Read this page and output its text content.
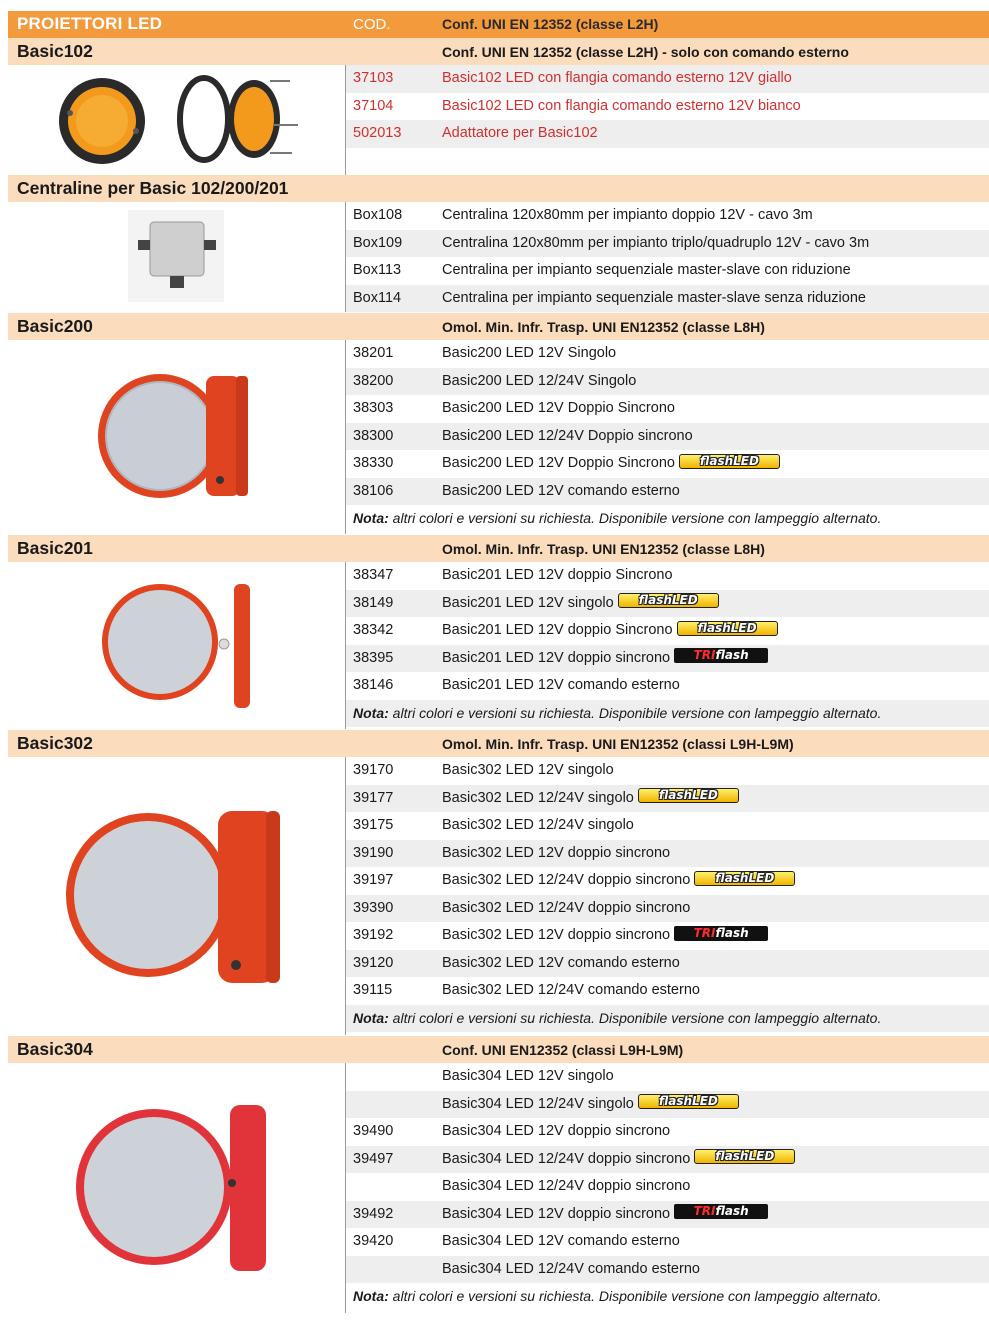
PROIETTORI LED	COD.	Conf. UNI EN 12352 (classe L2H)
Basic102	Conf. UNI EN 12352 (classe L2H) - solo con comando esterno
37103	Basic102 LED con flangia comando esterno 12V giallo
37104	Basic102 LED con flangia comando esterno 12V bianco
502013	Adattatore per Basic102
Centraline per Basic 102/200/201
Box108	Centralina 120x80mm per impianto doppio 12V - cavo 3m
Box109	Centralina 120x80mm per impianto triplo/quadruplo 12V - cavo 3m
Box113	Centralina per impianto sequenziale master-slave con riduzione
Box114	Centralina per impianto sequenziale master-slave senza riduzione
Basic200	Omol. Min. Infr. Trasp. UNI EN12352 (classe L8H)
38201	Basic200 LED 12V Singolo
38200	Basic200 LED 12/24V Singolo
38303	Basic200 LED 12V Doppio Sincrono
38300	Basic200 LED 12/24V Doppio sincrono
38330	Basic200 LED 12V Doppio Sincrono flashLED
38106	Basic200 LED 12V comando esterno
Nota: altri colori e versioni su richiesta. Disponibile versione con lampeggio alternato.
Basic201	Omol. Min. Infr. Trasp. UNI EN12352 (classe L8H)
38347	Basic201 LED 12V doppio Sincrono
38149	Basic201 LED 12V singolo flashLED
38342	Basic201 LED 12V doppio Sincrono flashLED
38395	Basic201 LED 12V doppio sincrono TRIflash
38146	Basic201 LED 12V comando esterno
Nota: altri colori e versioni su richiesta. Disponibile versione con lampeggio alternato.
Basic302	Omol. Min. Infr. Trasp. UNI EN12352 (classi L9H-L9M)
39170	Basic302 LED 12V singolo
39177	Basic302 LED 12/24V singolo flashLED
39175	Basic302 LED 12/24V singolo
39190	Basic302 LED 12V doppio sincrono
39197	Basic302 LED 12/24V doppio sincrono flashLED
39390	Basic302 LED 12/24V doppio sincrono
39192	Basic302 LED 12V doppio sincrono TRIflash
39120	Basic302 LED 12V comando esterno
39115	Basic302 LED 12/24V comando esterno
Nota: altri colori e versioni su richiesta. Disponibile versione con lampeggio alternato.
Basic304	Conf. UNI EN12352 (classi L9H-L9M)
Basic304 LED 12V singolo
Basic304 LED 12/24V singolo flashLED
39490	Basic304 LED 12V doppio sincrono
39497	Basic304 LED 12/24V doppio sincrono flashLED
Basic304 LED 12/24V doppio sincrono
39492	Basic304 LED 12V doppio sincrono TRIflash
39420	Basic304 LED 12V comando esterno
Basic304 LED 12/24V comando esterno
Nota: altri colori e versioni su richiesta. Disponibile versione con lampeggio alternato.
